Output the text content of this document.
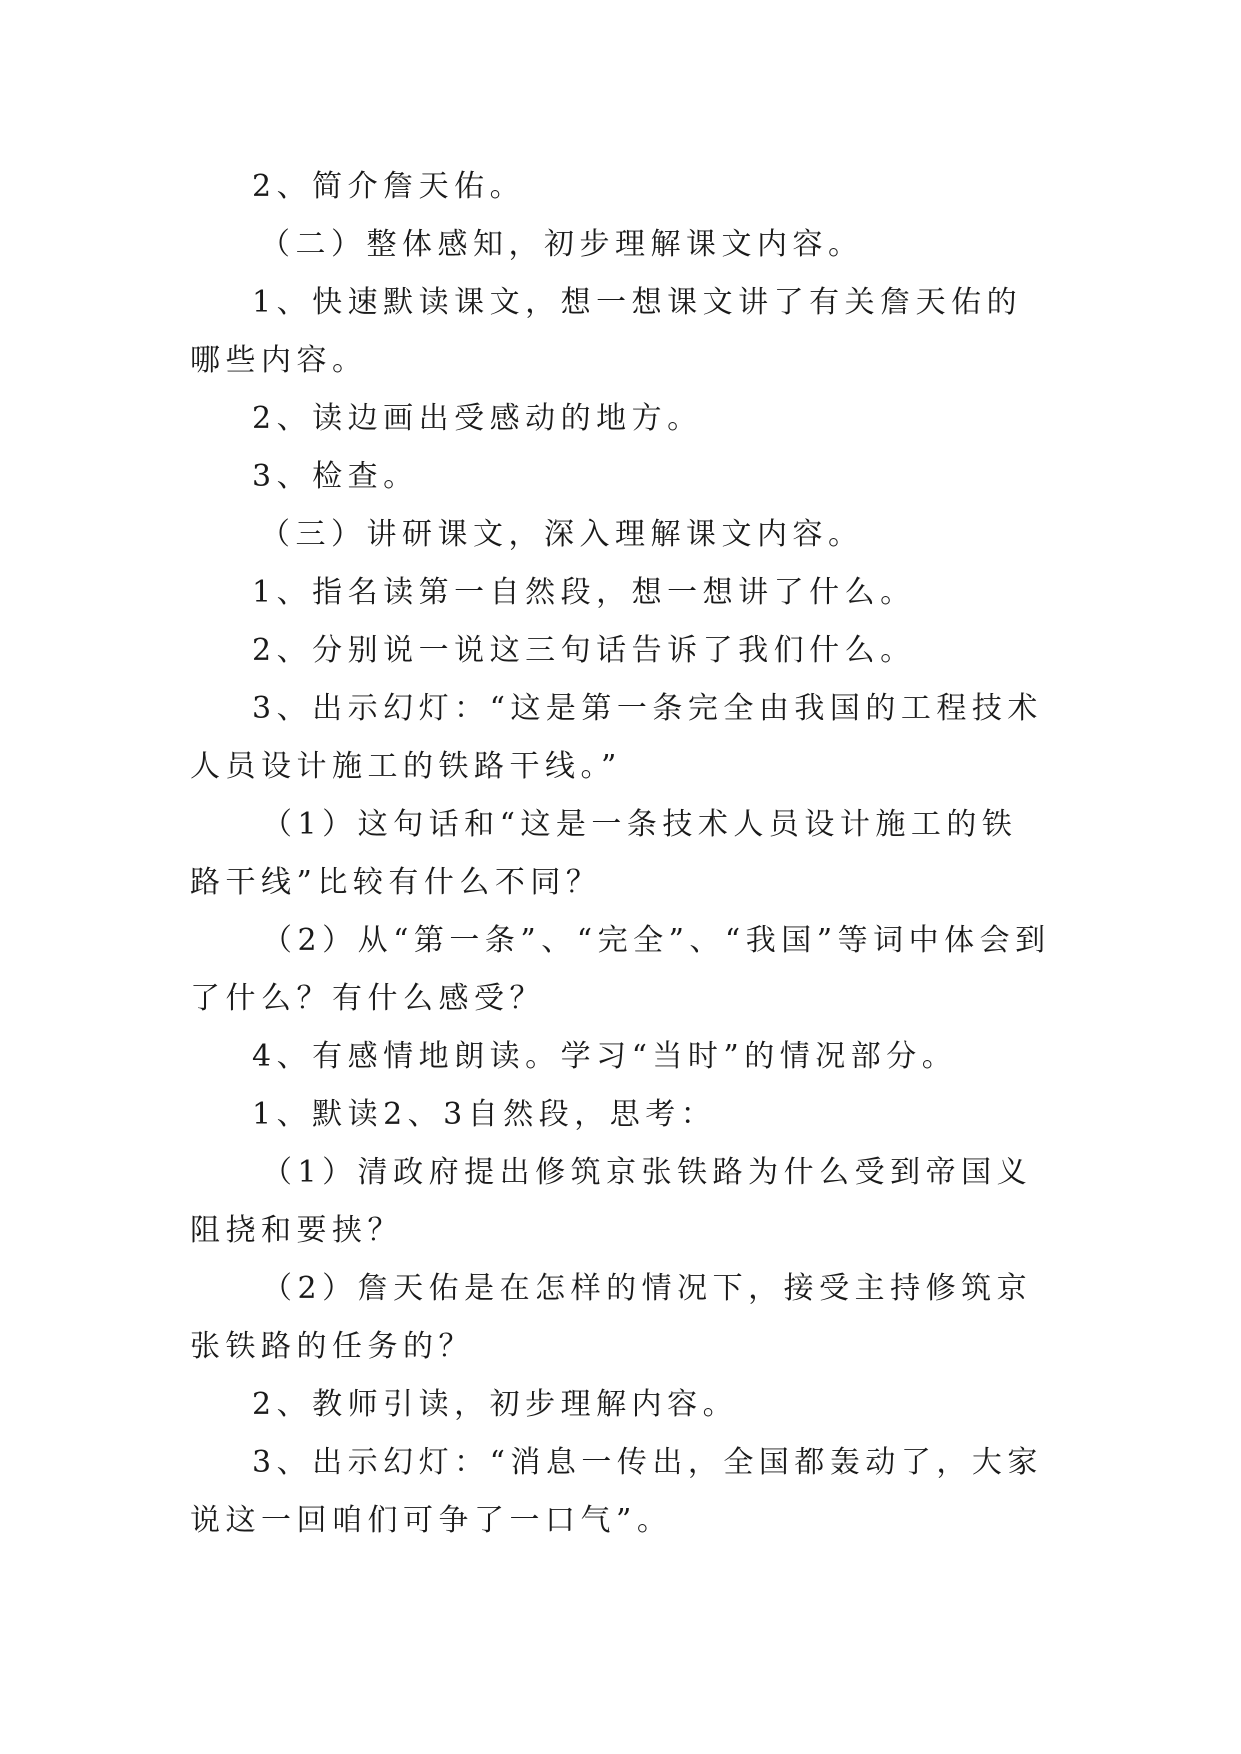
2、简介詹天佑。

（二）整体感知，初步理解课文内容。

1、快速默读课文，想一想课文讲了有关詹天佑的哪些内容。

2、读边画出受感动的地方。

3、检查。

（三）讲研课文，深入理解课文内容。

1、指名读第一自然段，想一想讲了什么。

2、分别说一说这三句话告诉了我们什么。

3、出示幻灯：“这是第一条完全由我国的工程技术人员设计施工的铁路干线。”

（1）这句话和“这是一条技术人员设计施工的铁路干线”比较有什么不同？

（2）从“第一条”、“完全”、“我国”等词中体会到了什么？有什么感受？

4、有感情地朗读。学习“当时”的情况部分。

1、默读2、3自然段，思考：

（1）清政府提出修筑京张铁路为什么受到帝国义阻挠和要挟？

（2）詹天佑是在怎样的情况下，接受主持修筑京张铁路的任务的？

2、教师引读，初步理解内容。

3、出示幻灯：“消息一传出，全国都轰动了，大家说这一回咱们可争了一口气”。
